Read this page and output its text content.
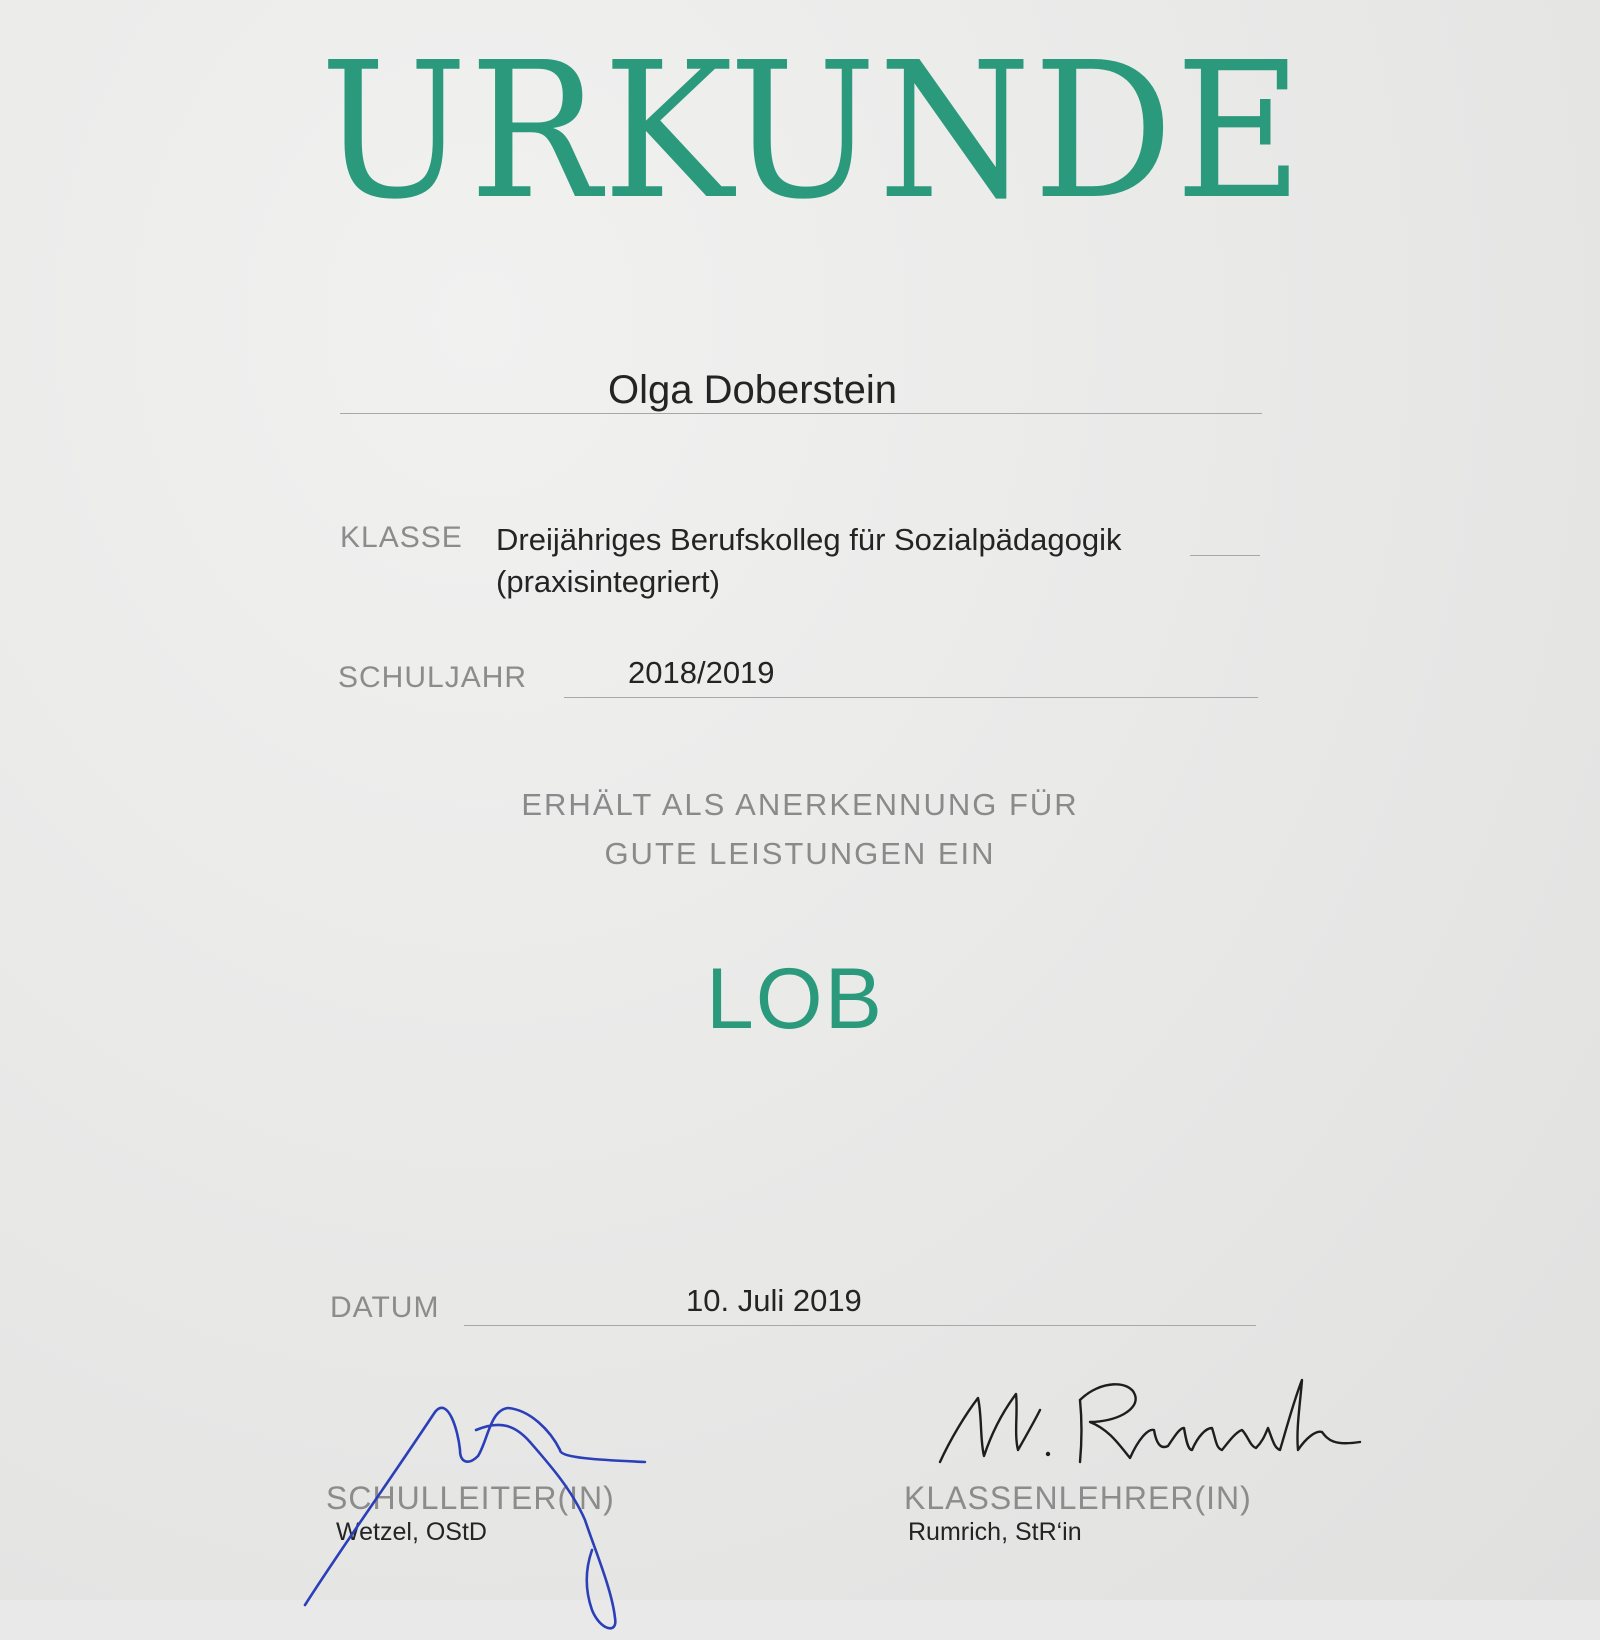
URKUNDE
Olga Doberstein
KLASSE Dreijähriges Berufskolleg für Sozialpädagogik
(praxisintegriert)
SCHULJAHR	2018/2019
ERHÄLT ALS ANERKENNUNG FÜR
GUTE LEISTUNGEN EIN
LOB
DATUM	10. Juli 2019
SCHULLEITER(IN)
Wetzel, OStD
KLASSENLEHRER(IN)
Rumrich, StR‘in
